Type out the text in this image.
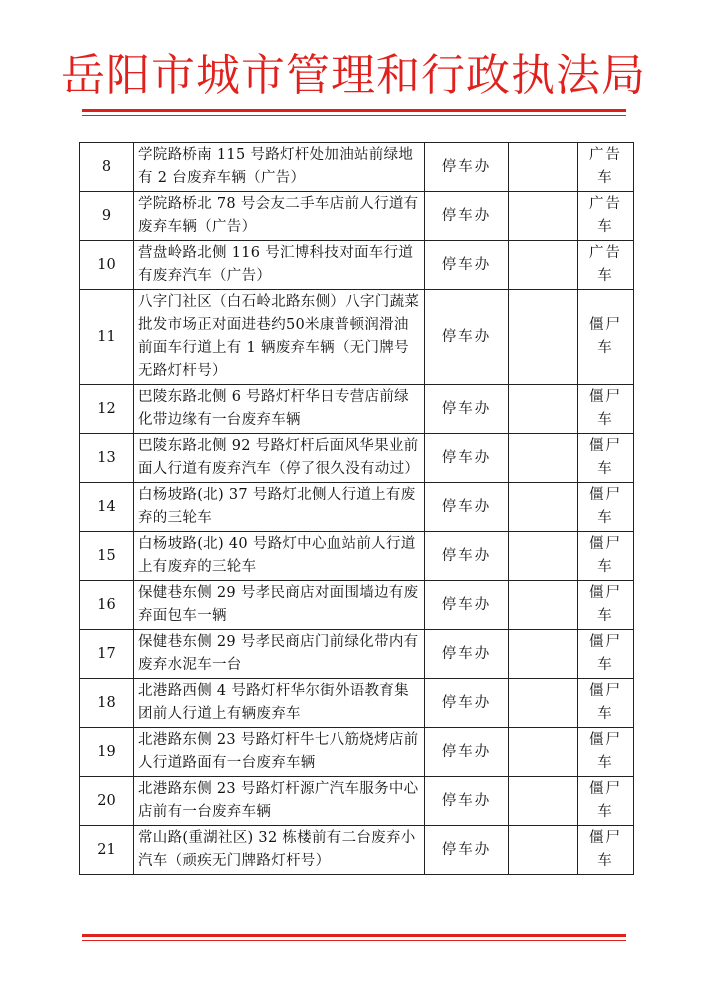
岳阳市城市管理和行政执法局
8	学院路桥南 115 号路灯杆处加油站前绿地有 2 台废弃车辆（广告）	停车办		广告车
9	学院路桥北 78 号会友二手车店前人行道有废弃车辆（广告）	停车办		广告车
10	营盘岭路北侧 116 号汇博科技对面车行道有废弃汽车（广告）	停车办		广告车
11	八字门社区（白石岭北路东侧）八字门蔬菜批发市场正对面进巷约50米康普顿润滑油前面车行道上有 1 辆废弃车辆（无门牌号无路灯杆号）	停车办		僵尸车
12	巴陵东路北侧 6 号路灯杆华日专营店前绿化带边缘有一台废弃车辆	停车办		僵尸车
13	巴陵东路北侧 92 号路灯杆后面风华果业前面人行道有废弃汽车（停了很久没有动过）	停车办		僵尸车
14	白杨坡路(北) 37 号路灯北侧人行道上有废弃的三轮车	停车办		僵尸车
15	白杨坡路(北) 40 号路灯中心血站前人行道上有废弃的三轮车	停车办		僵尸车
16	保健巷东侧 29 号孝民商店对面围墙边有废弃面包车一辆	停车办		僵尸车
17	保健巷东侧 29 号孝民商店门前绿化带内有废弃水泥车一台	停车办		僵尸车
18	北港路西侧 4 号路灯杆华尔街外语教育集团前人行道上有辆废弃车	停车办		僵尸车
19	北港路东侧 23 号路灯杆牛七八筋烧烤店前人行道路面有一台废弃车辆	停车办		僵尸车
20	北港路东侧 23 号路灯杆源广汽车服务中心店前有一台废弃车辆	停车办		僵尸车
21	常山路(重湖社区) 32 栋楼前有二台废弃小汽车（顽疾无门牌路灯杆号）	停车办		僵尸车
